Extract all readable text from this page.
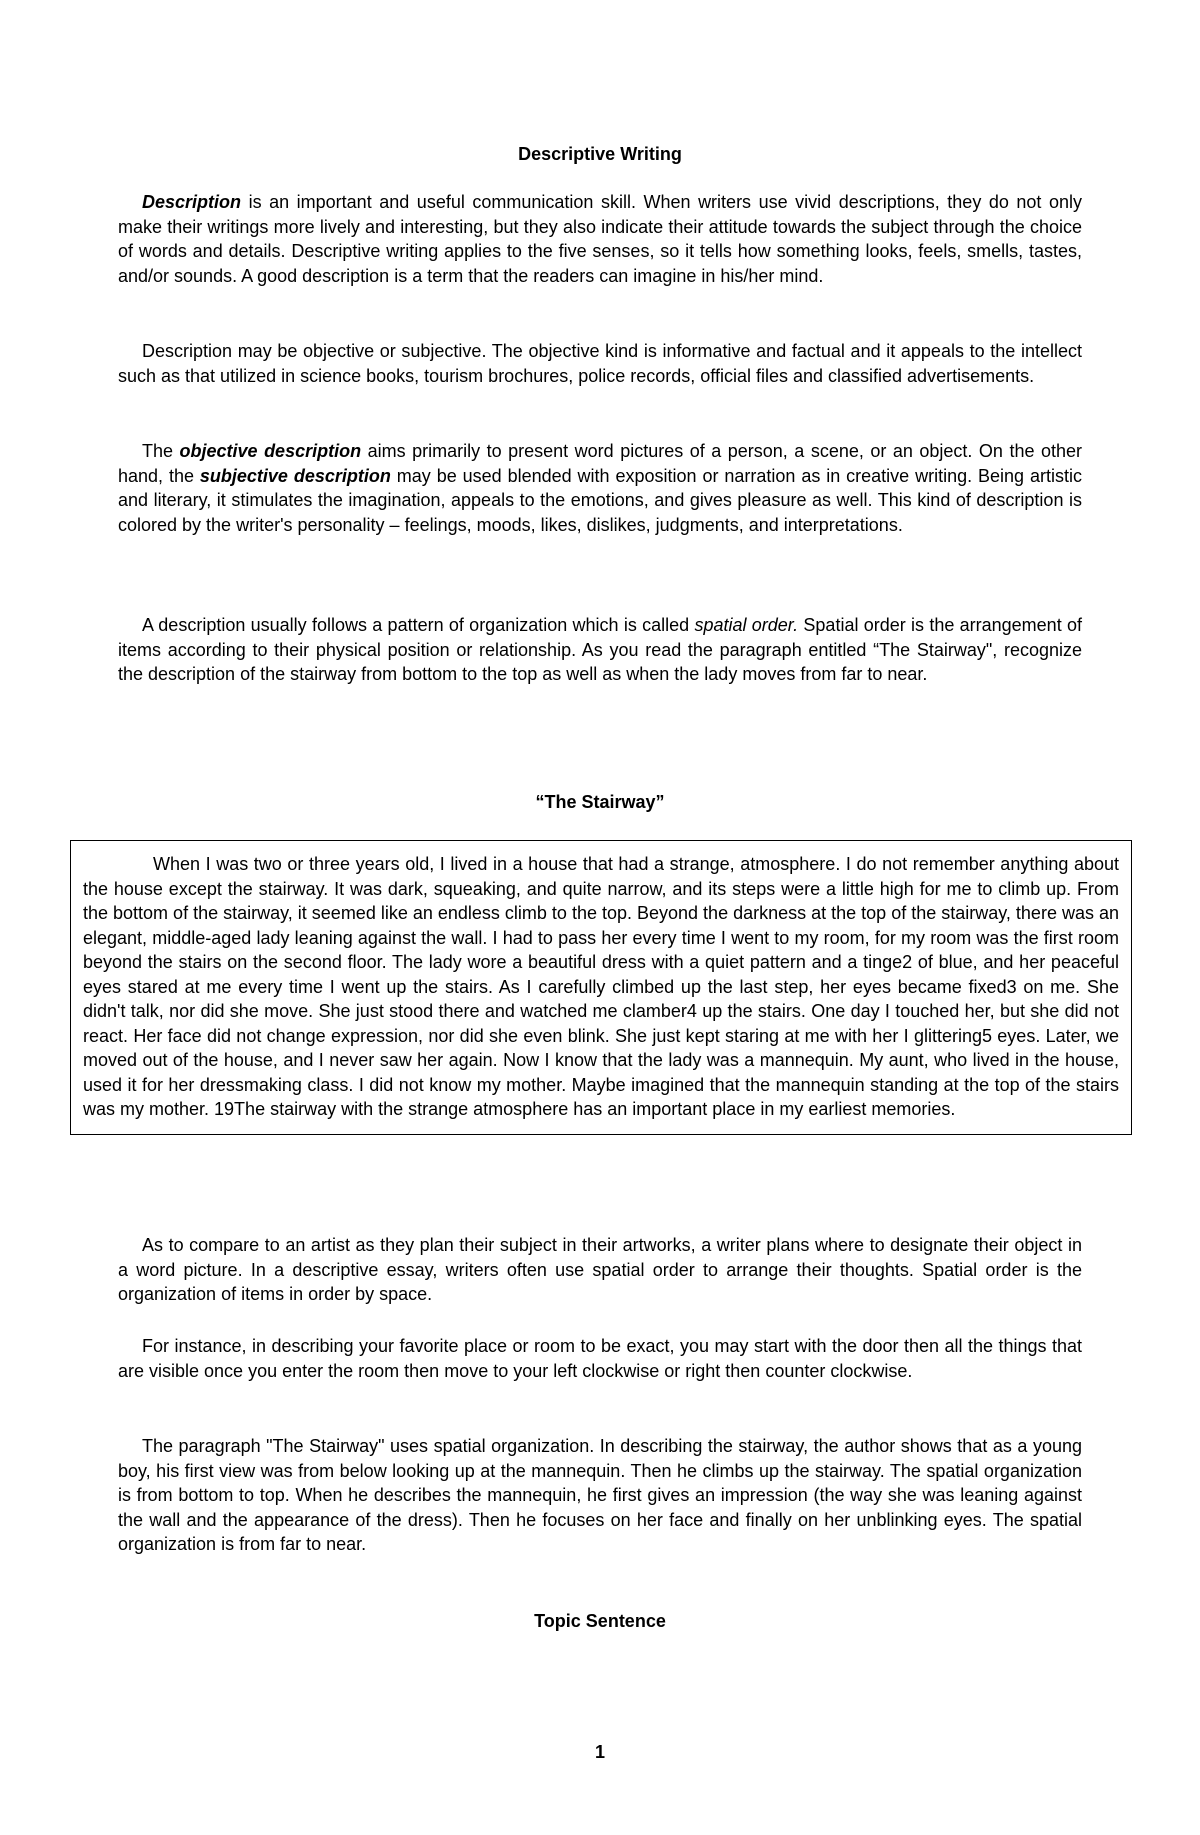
Descriptive Writing

Description is an important and useful communication skill. When writers use vivid descriptions, they do not only make their writings more lively and interesting, but they also indicate their attitude towards the subject through the choice of words and details. Descriptive writing applies to the five senses, so it tells how something looks, feels, smells, tastes, and/or sounds. A good description is a term that the readers can imagine in his/her mind.

Description may be objective or subjective. The objective kind is informative and factual and it appeals to the intellect such as that utilized in science books, tourism brochures, police records, official files and classified advertisements.

The objective description aims primarily to present word pictures of a person, a scene, or an object. On the other hand, the subjective description may be used blended with exposition or narration as in creative writing. Being artistic and literary, it stimulates the imagination, appeals to the emotions, and gives pleasure as well. This kind of description is colored by the writer's personality – feelings, moods, likes, dislikes, judgments, and interpretations.

A description usually follows a pattern of organization which is called spatial order. Spatial order is the arrangement of items according to their physical position or relationship. As you read the paragraph entitled “The Stairway", recognize the description of the stairway from bottom to the top as well as when the lady moves from far to near.

“The Stairway”

When I was two or three years old, I lived in a house that had a strange, atmosphere. I do not remember anything about the house except the stairway. It was dark, squeaking, and quite narrow, and its steps were a little high for me to climb up. From the bottom of the stairway, it seemed like an endless climb to the top. Beyond the darkness at the top of the stairway, there was an elegant, middle-aged lady leaning against the wall. I had to pass her every time I went to my room, for my room was the first room beyond the stairs on the second floor. The lady wore a beautiful dress with a quiet pattern and a tinge2 of blue, and her peaceful eyes stared at me every time I went up the stairs. As I carefully climbed up the last step, her eyes became fixed3 on me. She didn't talk, nor did she move. She just stood there and watched me clamber4 up the stairs. One day I touched her, but she did not react. Her face did not change expression, nor did she even blink. She just kept staring at me with her I glittering5 eyes. Later, we moved out of the house, and I never saw her again. Now I know that the lady was a mannequin. My aunt, who lived in the house, used it for her dressmaking class. I did not know my mother. Maybe imagined that the mannequin standing at the top of the stairs was my mother. 19The stairway with the strange atmosphere has an important place in my earliest memories.

As to compare to an artist as they plan their subject in their artworks, a writer plans where to designate their object in a word picture. In a descriptive essay, writers often use spatial order to arrange their thoughts. Spatial order is the organization of items in order by space.

For instance, in describing your favorite place or room to be exact, you may start with the door then all the things that are visible once you enter the room then move to your left clockwise or right then counter clockwise.

The paragraph "The Stairway" uses spatial organization. In describing the stairway, the author shows that as a young boy, his first view was from below looking up at the mannequin. Then he climbs up the stairway. The spatial organization is from bottom to top. When he describes the mannequin, he first gives an impression (the way she was leaning against the wall and the appearance of the dress). Then he focuses on her face and finally on her unblinking eyes. The spatial organization is from far to near.

Topic Sentence

1
